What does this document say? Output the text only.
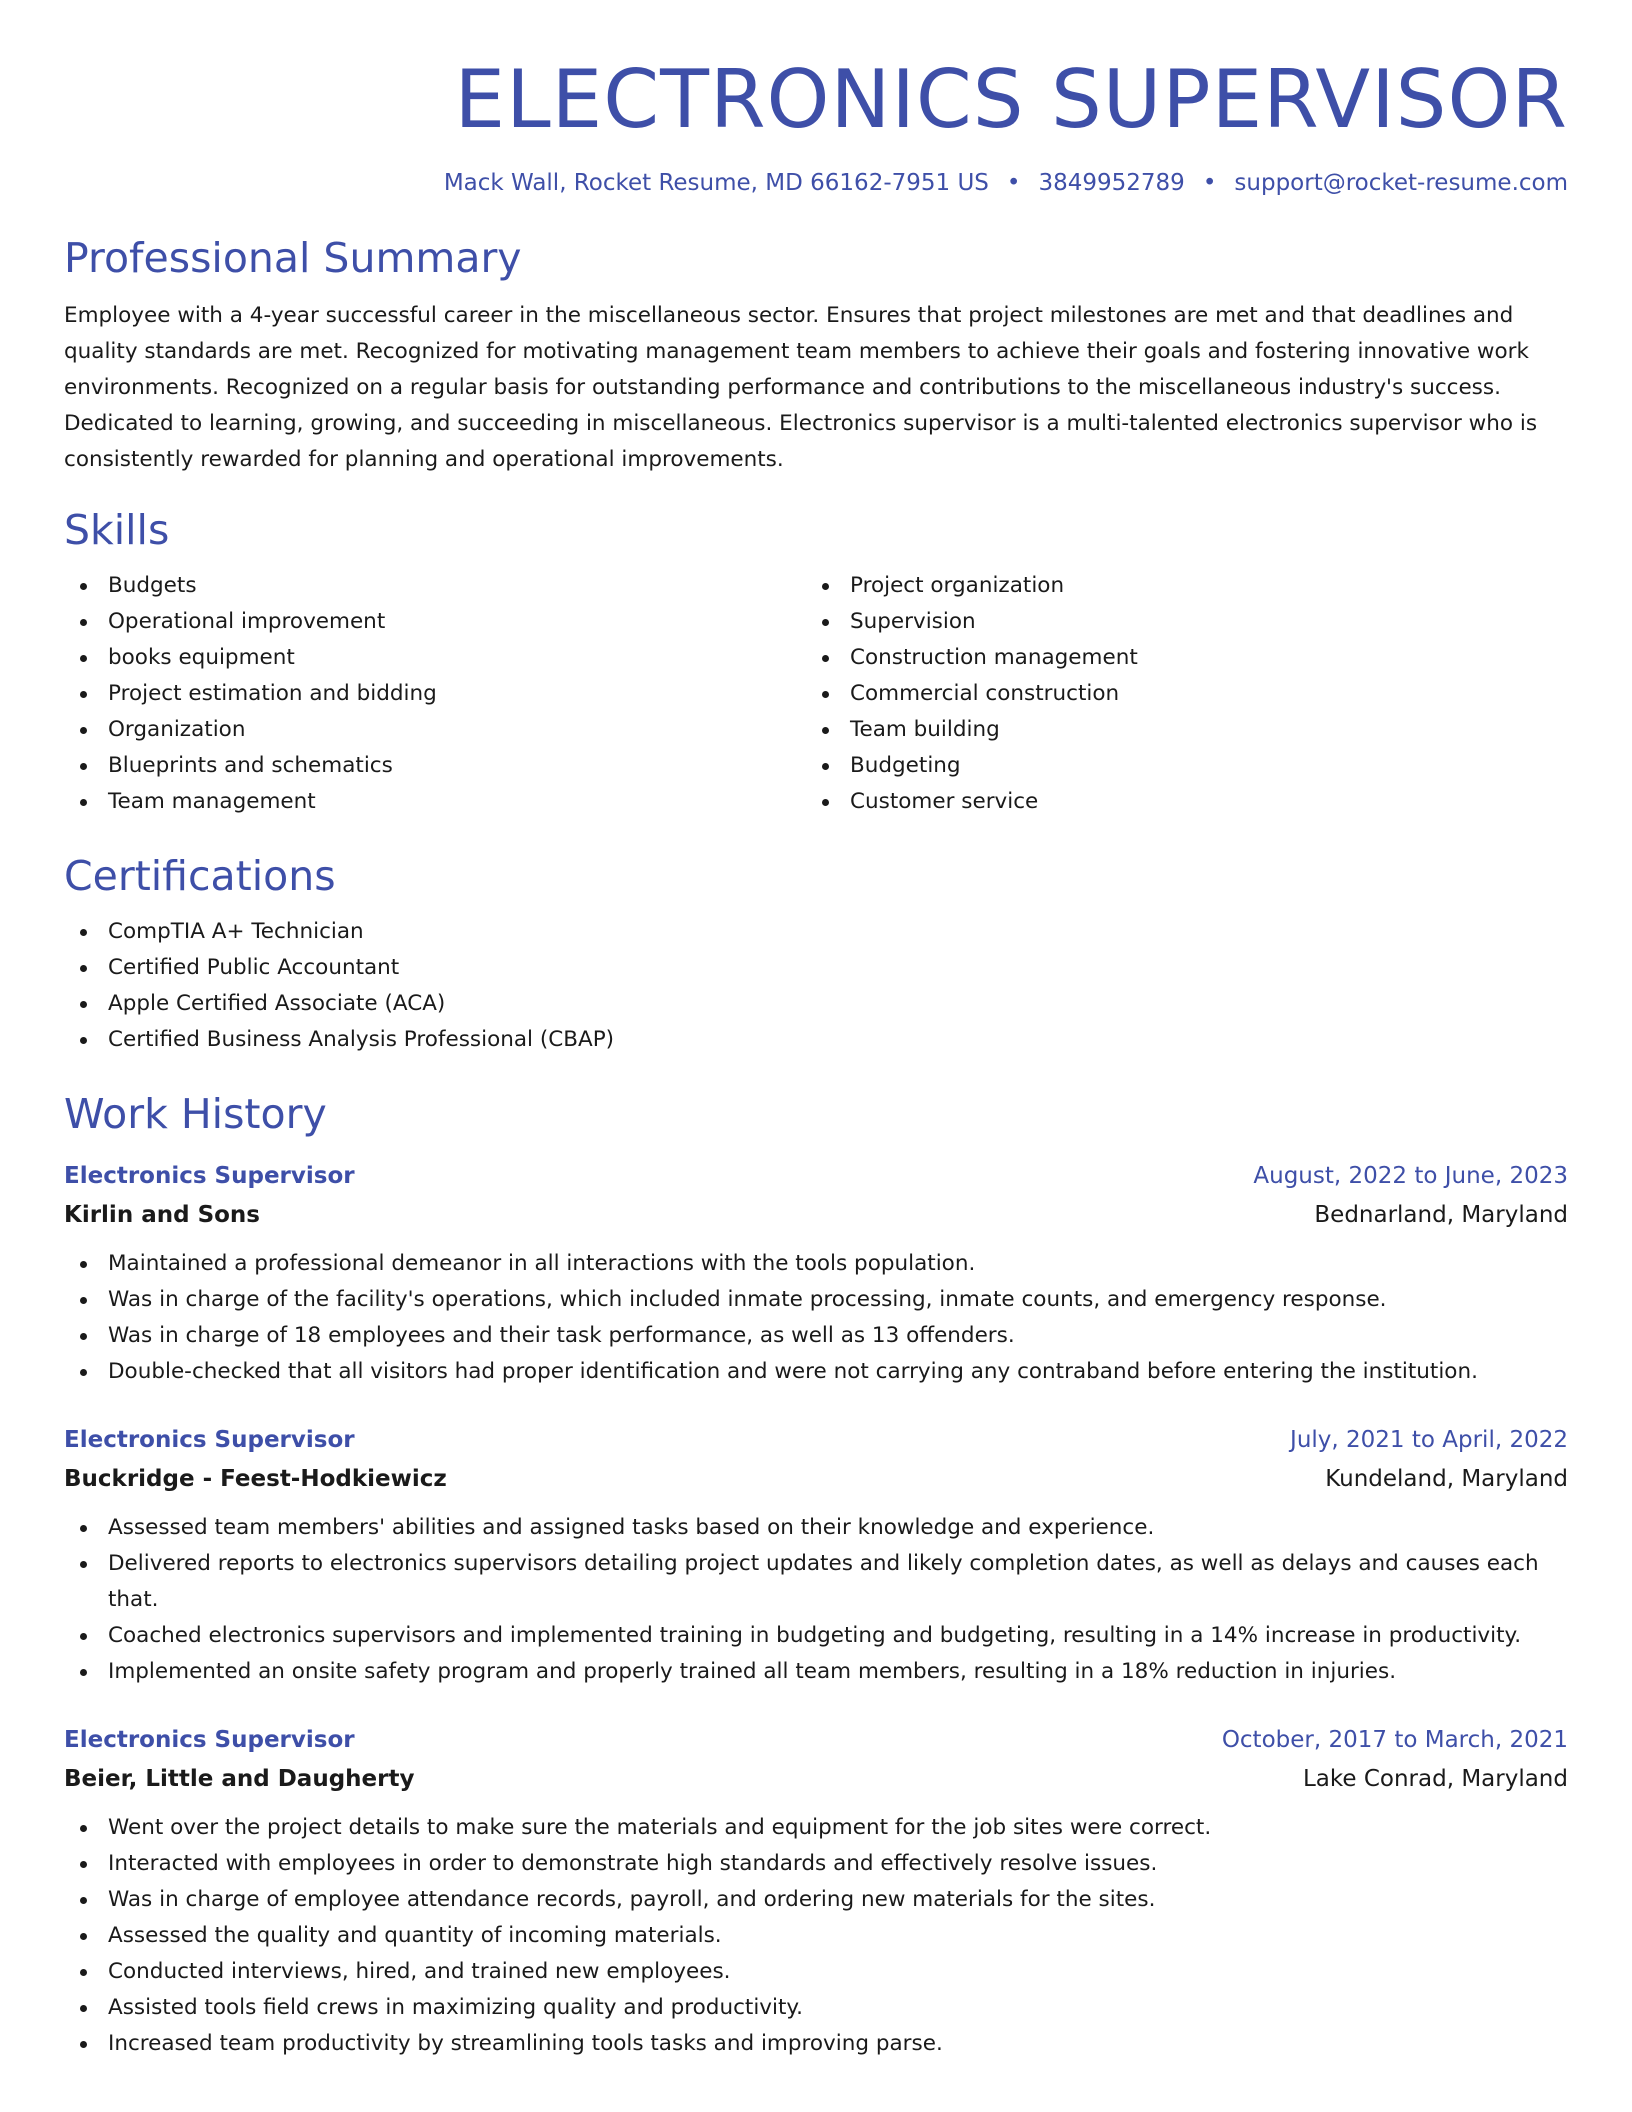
ELECTRONICS SUPERVISOR
Mack Wall, Rocket Resume, MD 66162-7951 US • 3849952789 • support@rocket-resume.com
Professional Summary

Employee with a 4-year successful career in the miscellaneous sector. Ensures that project milestones are met and that deadlines and quality standards are met. Recognized for motivating management team members to achieve their goals and fostering innovative work environments. Recognized on a regular basis for outstanding performance and contributions to the miscellaneous industry's success. Dedicated to learning, growing, and succeeding in miscellaneous. Electronics supervisor is a multi-talented electronics supervisor who is consistently rewarded for planning and operational improvements.

Skills
Budgets
Operational improvement
books equipment
Project estimation and bidding
Organization
Blueprints and schematics
Team management
Project organization
Supervision
Construction management
Commercial construction
Team building
Budgeting
Customer service
Certifications
CompTIA A+ Technician
Certified Public Accountant
Apple Certified Associate (ACA)
Certified Business Analysis Professional (CBAP)
Work History
Electronics Supervisor	August, 2022 to June, 2023
Kirlin and Sons	Bednarland, Maryland
Maintained a professional demeanor in all interactions with the tools population.
Was in charge of the facility's operations, which included inmate processing, inmate counts, and emergency response.
Was in charge of 18 employees and their task performance, as well as 13 offenders.
Double-checked that all visitors had proper identification and were not carrying any contraband before entering the institution.
Electronics Supervisor	July, 2021 to April, 2022
Buckridge - Feest-Hodkiewicz	Kundeland, Maryland
Assessed team members' abilities and assigned tasks based on their knowledge and experience.
Delivered reports to electronics supervisors detailing project updates and likely completion dates, as well as delays and causes each that.
Coached electronics supervisors and implemented training in budgeting and budgeting, resulting in a 14% increase in productivity.
Implemented an onsite safety program and properly trained all team members, resulting in a 18% reduction in injuries.
Electronics Supervisor	October, 2017 to March, 2021
Beier, Little and Daugherty	Lake Conrad, Maryland
Went over the project details to make sure the materials and equipment for the job sites were correct.
Interacted with employees in order to demonstrate high standards and effectively resolve issues.
Was in charge of employee attendance records, payroll, and ordering new materials for the sites.
Assessed the quality and quantity of incoming materials.
Conducted interviews, hired, and trained new employees.
Assisted tools field crews in maximizing quality and productivity.
Increased team productivity by streamlining tools tasks and improving parse.
